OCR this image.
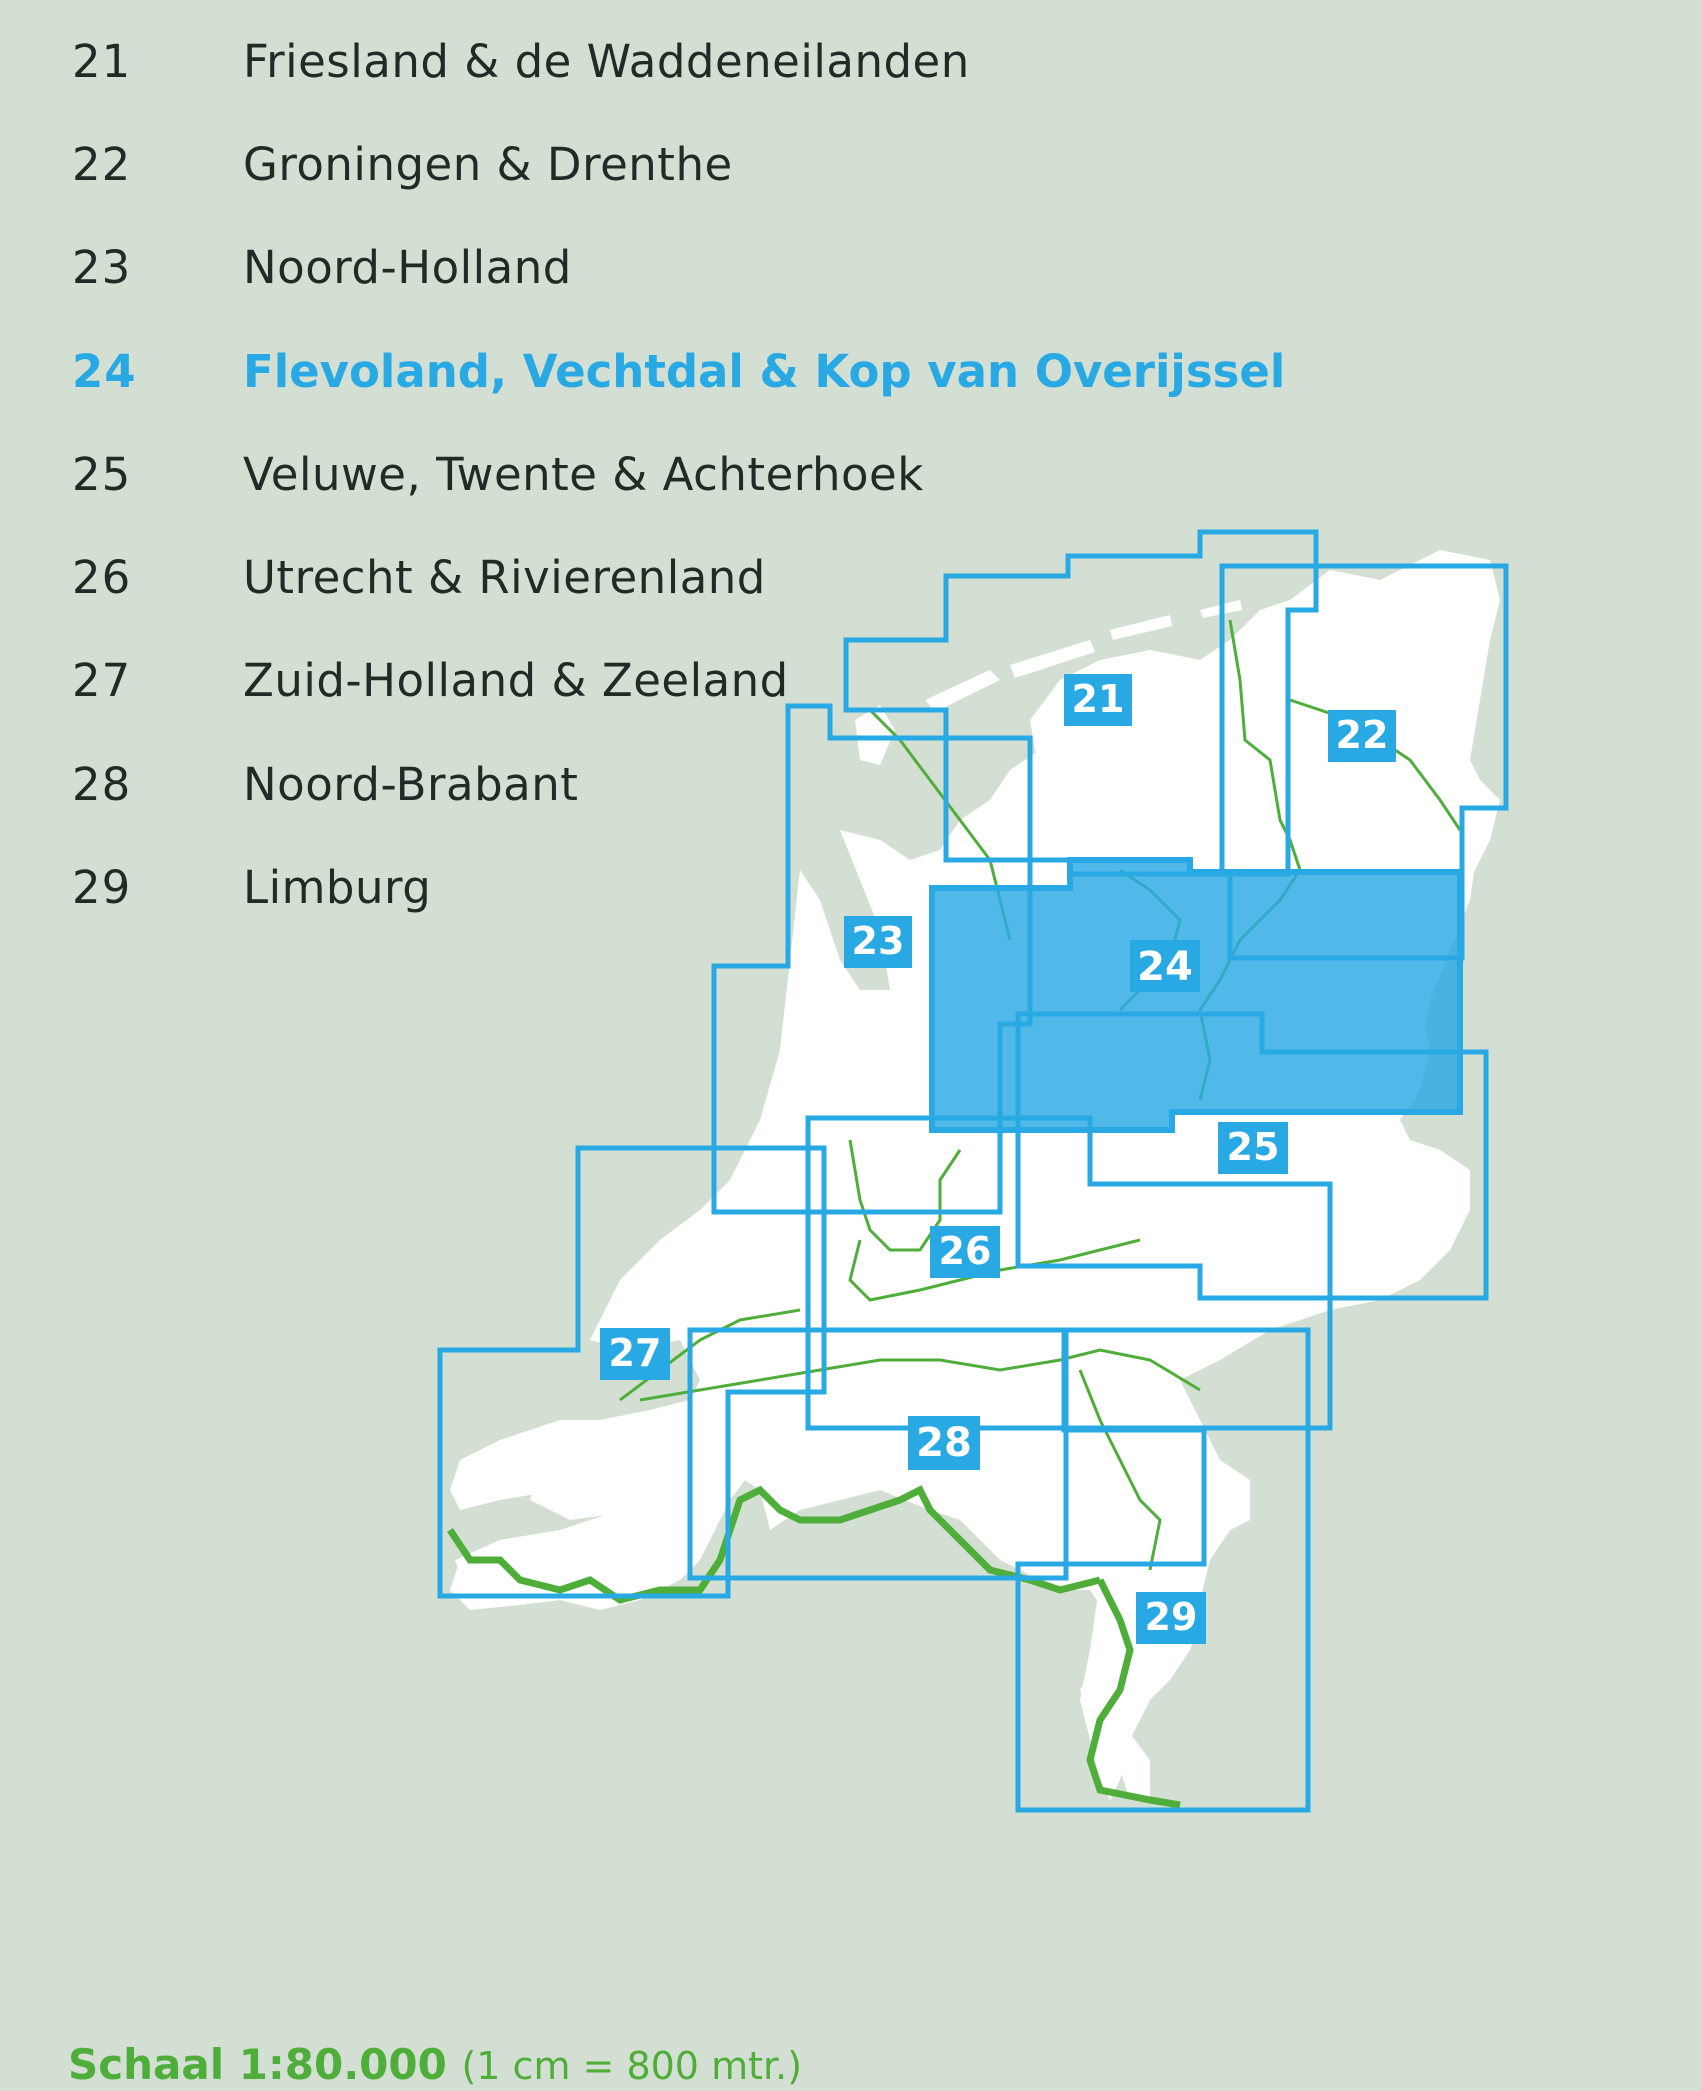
21
22
23
24
25
26
27
28
29
21 Friesland & de Waddeneilanden
22 Groningen & Drenthe
23 Noord-Holland
24 Flevoland, Vechtdal & Kop van Overijssel
25 Veluwe, Twente & Achterhoek
26 Utrecht & Rivierenland
27 Zuid-Holland & Zeeland
28 Noord-Brabant
29 Limburg
Schaal 1:80.000 (1 cm = 800 mtr.)
